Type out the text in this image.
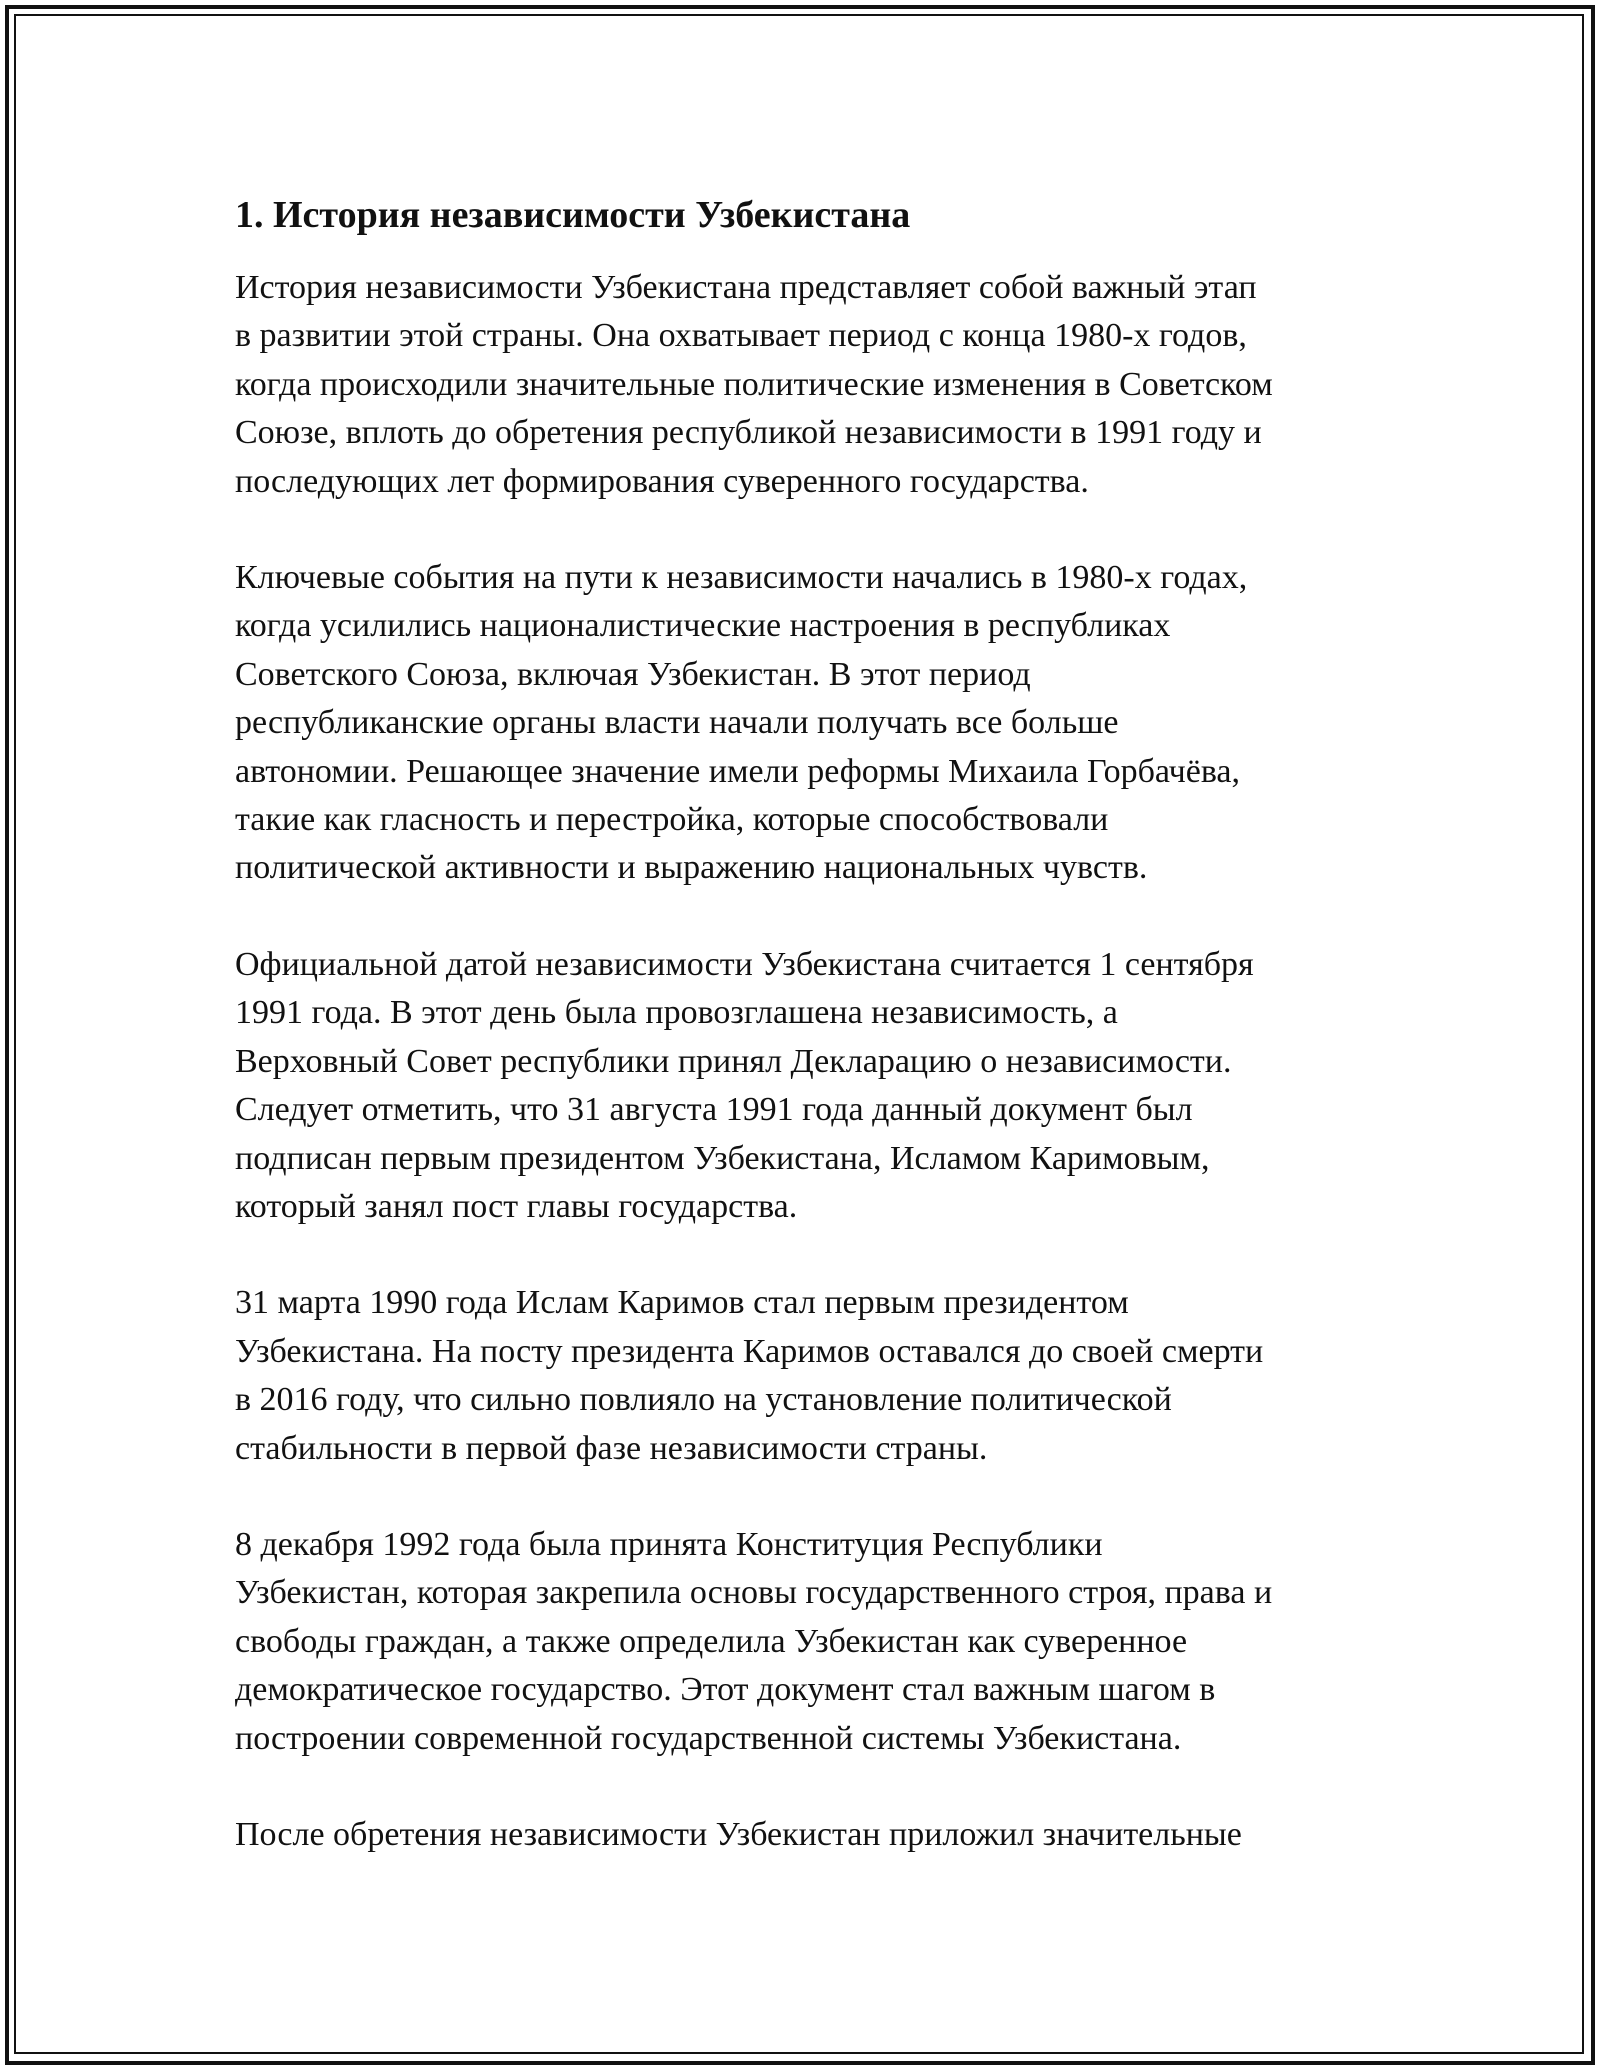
1. История независимости Узбекистана

История независимости Узбекистана представляет собой важный этап
в развитии этой страны. Она охватывает период с конца 1980-х годов,
когда происходили значительные политические изменения в Советском
Союзе, вплоть до обретения республикой независимости в 1991 году и
последующих лет формирования суверенного государства.

Ключевые события на пути к независимости начались в 1980-х годах,
когда усилились националистические настроения в республиках
Советского Союза, включая Узбекистан. В этот период
республиканские органы власти начали получать все больше
автономии. Решающее значение имели реформы Михаила Горбачёва,
такие как гласность и перестройка, которые способствовали
политической активности и выражению национальных чувств.

Официальной датой независимости Узбекистана считается 1 сентября
1991 года. В этот день была провозглашена независимость, а
Верховный Совет республики принял Декларацию о независимости.
Следует отметить, что 31 августа 1991 года данный документ был
подписан первым президентом Узбекистана, Исламом Каримовым,
который занял пост главы государства.

31 марта 1990 года Ислам Каримов стал первым президентом
Узбекистана. На посту президента Каримов оставался до своей смерти
в 2016 году, что сильно повлияло на установление политической
стабильности в первой фазе независимости страны.

8 декабря 1992 года была принята Конституция Республики
Узбекистан, которая закрепила основы государственного строя, права и
свободы граждан, а также определила Узбекистан как суверенное
демократическое государство. Этот документ стал важным шагом в
построении современной государственной системы Узбекистана.

После обретения независимости Узбекистан приложил значительные
